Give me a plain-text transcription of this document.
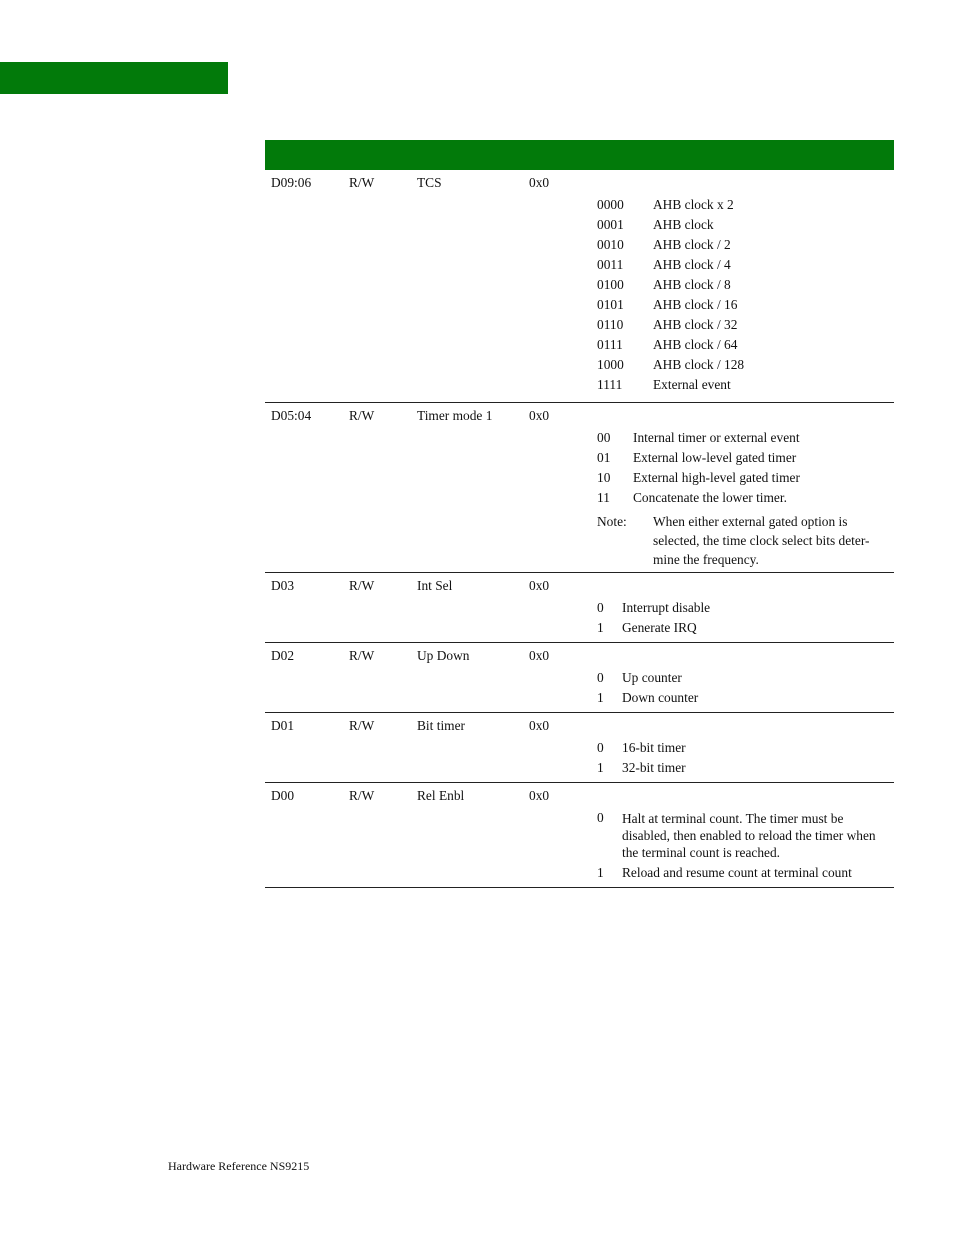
D09:06	R/W	TCS	0x0
0000 AHB clock x 2
0001 AHB clock
0010 AHB clock / 2
0011 AHB clock / 4
0100 AHB clock / 8
0101 AHB clock / 16
0110 AHB clock / 32
0111 AHB clock / 64
1000 AHB clock / 128
1111 External event
D05:04	R/W	Timer mode 1	0x0
00 Internal timer or external event
01 External low-level gated timer
10 External high-level gated timer
11 Concatenate the lower timer.
Note: When either external gated option is selected, the time clock select bits deter-mine the frequency.
D03	R/W	Int Sel	0x0
0 Interrupt disable
1 Generate IRQ
D02	R/W	Up Down	0x0
0 Up counter
1 Down counter
D01	R/W	Bit timer	0x0
0 16-bit timer
1 32-bit timer
D00	R/W	Rel Enbl	0x0
0 Halt at terminal count. The timer must be disabled, then enabled to reload the timer when the terminal count is reached.
1 Reload and resume count at terminal count
Hardware Reference NS9215
